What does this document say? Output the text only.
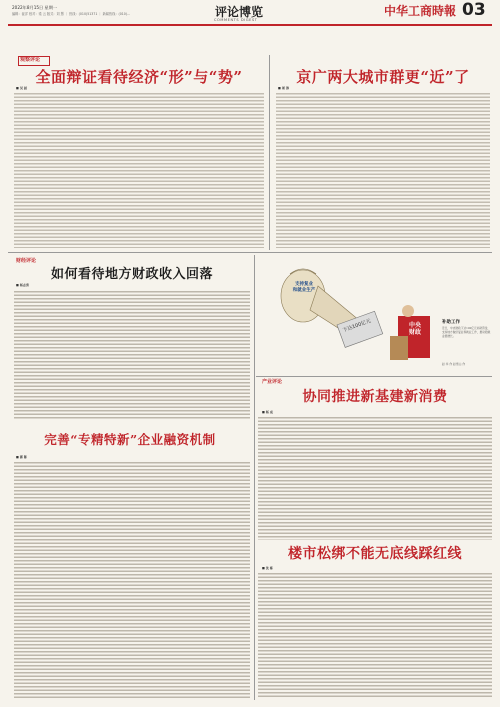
2022年8月15日 星期一
编辑：崔洋 校对：梁 云 版式：刘 慧 ｜ 热线：(010)51371 ｜ 新闻热线：(010)...	评论博览
COMMENTS DIGEST
中华工商時報 03
观察评论
全面辩证看待经济“形”与“势”
■ 吴 晨
京广两大城市群更“近”了
■ 周 涛
财经评论
如何看待地方财政收入回落
■ 杨志勇
完善“专精特新”企业融资机制
■ 郭 陈
支持复业
和就业生产
下达100亿元	中央
财政
补助工作
近日，中央财政下达100亿元补助资金，支持地方做好复业和就业工作，推动稳就业稳增长。
赵 华 作 赵雪山 作
产业评论
协同推进新基建新消费
■ 杨 成
楼市松绑不能无底线踩红线
■ 沈 栋
